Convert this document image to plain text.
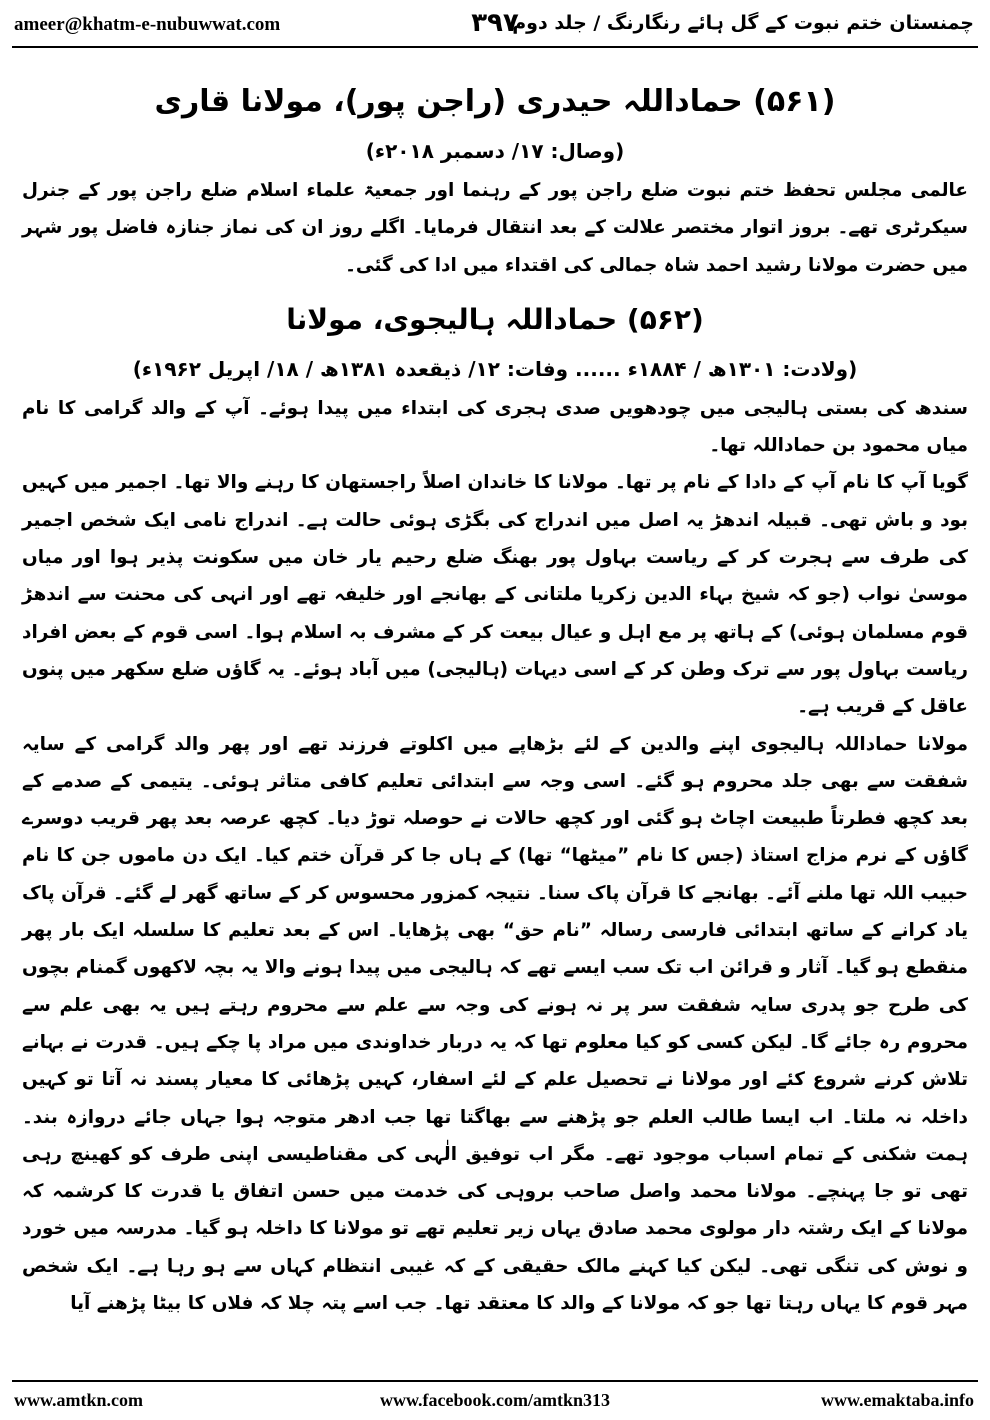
ameer@khatm-e-nubuwwat.com	۳۹۷
چمنستان ختم نبوت کے گل ہائے رنگارنگ / جلد دوم
(۵۶۱) حماداللہ حیدری (راجن پور)، مولانا قاری
(وصال: ۱۷/ دسمبر ۲۰۱۸ء)

عالمی مجلس تحفظ ختم نبوت ضلع راجن پور کے رہنما اور جمعیۃ علماء اسلام ضلع راجن پور کے جنرل سیکرٹری تھے۔ بروز اتوار مختصر علالت کے بعد انتقال فرمایا۔ اگلے روز ان کی نماز جنازہ فاضل پور شہر میں حضرت مولانا رشید احمد شاہ جمالی کی اقتداء میں ادا کی گئی۔

(۵۶۲) حماداللہ ہالیجوی، مولانا
(ولادت: ۱۳۰۱ھ / ۱۸۸۴ء ...... وفات: ۱۲/ ذیقعدہ ۱۳۸۱ھ / ۱۸/ اپریل ۱۹۶۲ء)

سندھ کی بستی ہالیجی میں چودھویں صدی ہجری کی ابتداء میں پیدا ہوئے۔ آپ کے والد گرامی کا نام میاں محمود بن حماداللہ تھا۔

گویا آپ کا نام آپ کے دادا کے نام پر تھا۔ مولانا کا خاندان اصلاً راجستھان کا رہنے والا تھا۔ اجمیر میں کہیں بود و باش تھی۔ قبیلہ اندھڑ یہ اصل میں اندراج کی بگڑی ہوئی حالت ہے۔ اندراج نامی ایک شخص اجمیر کی طرف سے ہجرت کر کے ریاست بہاول پور بھنگ ضلع رحیم یار خان میں سکونت پذیر ہوا اور میاں موسیٰ نواب (جو کہ شیخ بہاء الدین زکریا ملتانی کے بھانجے اور خلیفہ تھے اور انہی کی محنت سے اندھڑ قوم مسلمان ہوئی) کے ہاتھ پر مع اہل و عیال بیعت کر کے مشرف بہ اسلام ہوا۔ اسی قوم کے بعض افراد ریاست بہاول پور سے ترک وطن کر کے اسی دیہات (ہالیجی) میں آباد ہوئے۔ یہ گاؤں ضلع سکھر میں پنوں عاقل کے قریب ہے۔

مولانا حماداللہ ہالیجوی اپنے والدین کے لئے بڑھاپے میں اکلوتے فرزند تھے اور پھر والد گرامی کے سایہ شفقت سے بھی جلد محروم ہو گئے۔ اسی وجہ سے ابتدائی تعلیم کافی متاثر ہوئی۔ یتیمی کے صدمے کے بعد کچھ فطرتاً طبیعت اچاٹ ہو گئی اور کچھ حالات نے حوصلہ توڑ دیا۔ کچھ عرصہ بعد پھر قریب دوسرے گاؤں کے نرم مزاج استاذ (جس کا نام ”میٹھا“ تھا) کے ہاں جا کر قرآن ختم کیا۔ ایک دن ماموں جن کا نام حبیب اللہ تھا ملنے آئے۔ بھانجے کا قرآن پاک سنا۔ نتیجہ کمزور محسوس کر کے ساتھ گھر لے گئے۔ قرآن پاک یاد کرانے کے ساتھ ابتدائی فارسی رسالہ ”نام حق“ بھی پڑھایا۔ اس کے بعد تعلیم کا سلسلہ ایک بار پھر منقطع ہو گیا۔ آثار و قرائن اب تک سب ایسے تھے کہ ہالیجی میں پیدا ہونے والا یہ بچہ لاکھوں گمنام بچوں کی طرح جو پدری سایہ شفقت سر پر نہ ہونے کی وجہ سے علم سے محروم رہتے ہیں یہ بھی علم سے محروم رہ جائے گا۔ لیکن کسی کو کیا معلوم تھا کہ یہ دربار خداوندی میں مراد پا چکے ہیں۔ قدرت نے بہانے تلاش کرنے شروع کئے اور مولانا نے تحصیل علم کے لئے اسفار، کہیں پڑھائی کا معیار پسند نہ آتا تو کہیں داخلہ نہ ملتا۔ اب ایسا طالب العلم جو پڑھنے سے بھاگتا تھا جب ادھر متوجہ ہوا جہاں جائے دروازہ بند۔ ہمت شکنی کے تمام اسباب موجود تھے۔ مگر اب توفیق الٰہی کی مقناطیسی اپنی طرف کو کھینچ رہی تھی تو جا پہنچے۔ مولانا محمد واصل صاحب بروہی کی خدمت میں حسن اتفاق یا قدرت کا کرشمہ کہ مولانا کے ایک رشتہ دار مولوی محمد صادق یہاں زیر تعلیم تھے تو مولانا کا داخلہ ہو گیا۔ مدرسہ میں خورد و نوش کی تنگی تھی۔ لیکن کیا کہنے مالک حقیقی کے کہ غیبی انتظام کہاں سے ہو رہا ہے۔ ایک شخص مہر قوم کا یہاں رہتا تھا جو کہ مولانا کے والد کا معتقد تھا۔ جب اسے پتہ چلا کہ فلاں کا بیٹا پڑھنے آیا

www.amtkn.com	www.facebook.com/amtkn313	www.emaktaba.info
